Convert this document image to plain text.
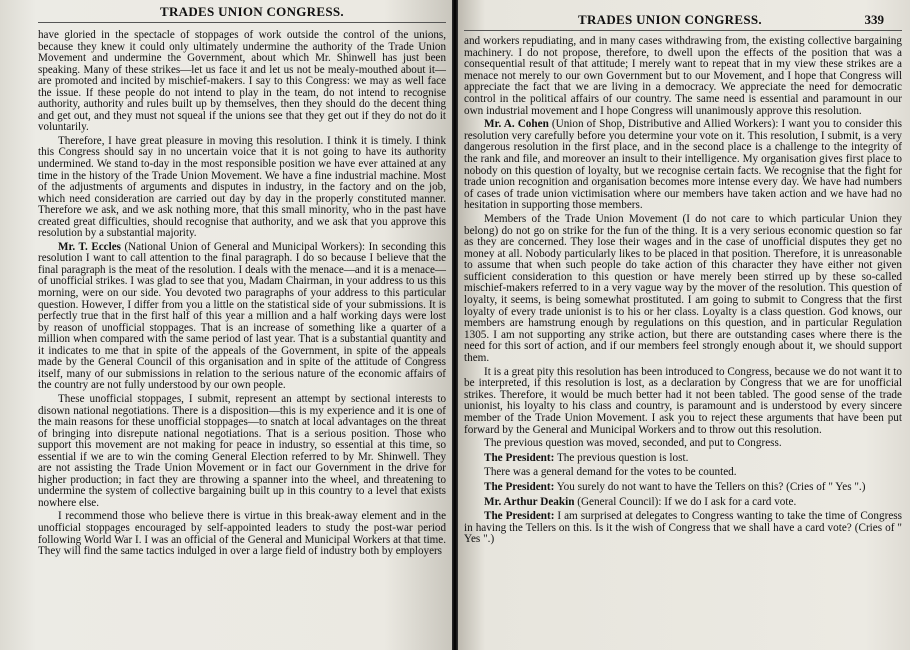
TRADES UNION CONGRESS.

have gloried in the spectacle of stoppages of work outside the control of the unions, because they knew it could only ultimately undermine the authority of the Trade Union Movement and undermine the Government, about which Mr. Shinwell has just been speaking. Many of these strikes—let us face it and let us not be mealy-mouthed about it—are promoted and incited by mischief-makers. I say to this Congress: we may as well face the issue. If these people do not intend to play in the team, do not intend to recognise authority, authority and rules built up by themselves, then they should do the decent thing and get out, and they must not squeal if the unions see that they get out if they do not do it voluntarily.

Therefore, I have great pleasure in moving this resolution. I think it is timely. I think this Congress should say in no uncertain voice that it is not going to have its authority undermined. We stand to-day in the most responsible position we have ever attained at any time in the history of the Trade Union Movement. We have a fine industrial machine. Most of the adjustments of arguments and disputes in industry, in the factory and on the job, which need consideration are carried out day by day in the properly constituted manner. Therefore we ask, and we ask nothing more, that this small minority, who in the past have created great difficulties, should recognise that authority, and we ask that you approve this resolution by a substantial majority.

Mr. T. Eccles (National Union of General and Municipal Workers): In seconding this resolution I want to call attention to the final paragraph. I do so because I believe that the final paragraph is the meat of the resolution. I deals with the menace—and it is a menace—of unofficial strikes. I was glad to see that you, Madam Chairman, in your address to us this morning, were on our side. You devoted two paragraphs of your address to this particular question. However, I differ from you a little on the statistical side of your submissions. It is perfectly true that in the first half of this year a million and a half working days were lost by reason of unofficial stoppages. That is an increase of something like a quarter of a million when compared with the same period of last year. That is a substantial quantity and it indicates to me that in spite of the appeals of the Government, in spite of the appeals made by the General Council of this organisation and in spite of the attitude of Congress itself, many of our submissions in relation to the serious nature of the economic affairs of the country are not fully understood by our own people.

These unofficial stoppages, I submit, represent an attempt by sectional interests to disown national negotiations. There is a disposition—this is my experience and it is one of the main reasons for these unofficial stoppages—to snatch at local advantages on the threat of bringing into disrepute national negotiations. That is a serious position. Those who support this movement are not making for peace in industry, so essential at this time, so essential if we are to win the coming General Election referred to by Mr. Shinwell. They are not assisting the Trade Union Movement or in fact our Government in the drive for higher production; in fact they are throwing a spanner into the wheel, and threatening to undermine the system of collective bargaining built up in this country to a level that exists nowhere else.

I recommend those who believe there is virtue in this break-away element and in the unofficial stoppages encouraged by self-appointed leaders to study the post-war period following World War I. I was an official of the General and Municipal Workers at that time. They will find the same tactics indulged in over a large field of industry both by employers

TRADES UNION CONGRESS.	339

and workers repudiating, and in many cases withdrawing from, the existing collective bargaining machinery. I do not propose, therefore, to dwell upon the effects of the position that was a consequential result of that attitude; I merely want to repeat that in my view these strikes are a menace not merely to our own Government but to our Movement, and I hope that Congress will appreciate the fact that we are living in a democracy. We appreciate the need for democratic control in the political affairs of our country. The same need is essential and paramount in our own industrial movement and I hope Congress will unanimously approve this resolution.

Mr. A. Cohen (Union of Shop, Distributive and Allied Workers): I want you to consider this resolution very carefully before you determine your vote on it. This resolution, I submit, is a very dangerous resolution in the first place, and in the second place is a challenge to the integrity of the rank and file, and moreover an insult to their intelligence. My organisation gives first place to nobody on this question of loyalty, but we recognise certain facts. We recognise that the fight for trade union recognition and organisation becomes more intense every day. We have had numbers of cases of trade union victimisation where our members have taken action and we have had no hesitation in supporting those members.

Members of the Trade Union Movement (I do not care to which particular Union they belong) do not go on strike for the fun of the thing. It is a very serious economic question so far as they are concerned. They lose their wages and in the case of unofficial disputes they get no money at all. Nobody particularly likes to be placed in that position. Therefore, it is unreasonable to assume that when such people do take action of this character they have either not given sufficient consideration to this question or have merely been stirred up by these so-called mischief-makers referred to in a very vague way by the mover of the resolution. This question of loyalty, it seems, is being somewhat prostituted. I am going to submit to Congress that the first loyalty of every trade unionist is to his or her class. Loyalty is a class question. God knows, our members are hamstrung enough by regulations on this question, and in particular Regulation 1305. I am not supporting any strike action, but there are outstanding cases where there is the need for this sort of action, and if our members feel strongly enough about it, we should support them.

It is a great pity this resolution has been introduced to Congress, because we do not want it to be interpreted, if this resolution is lost, as a declaration by Congress that we are for unofficial strikes. Therefore, it would be much better had it not been tabled. The good sense of the trade unionist, his loyalty to his class and country, is paramount and is understood by every sincere member of the Trade Union Movement. I ask you to reject these arguments that have been put forward by the General and Municipal Workers and to throw out this resolution.

The previous question was moved, seconded, and put to Congress.

The President: The previous question is lost.

There was a general demand for the votes to be counted.

The President: You surely do not want to have the Tellers on this? (Cries of " Yes ".)

Mr. Arthur Deakin (General Council): If we do I ask for a card vote.

The President: I am surprised at delegates to Congress wanting to take the time of Congress in having the Tellers on this. Is it the wish of Congress that we shall have a card vote? (Cries of " Yes ".)
